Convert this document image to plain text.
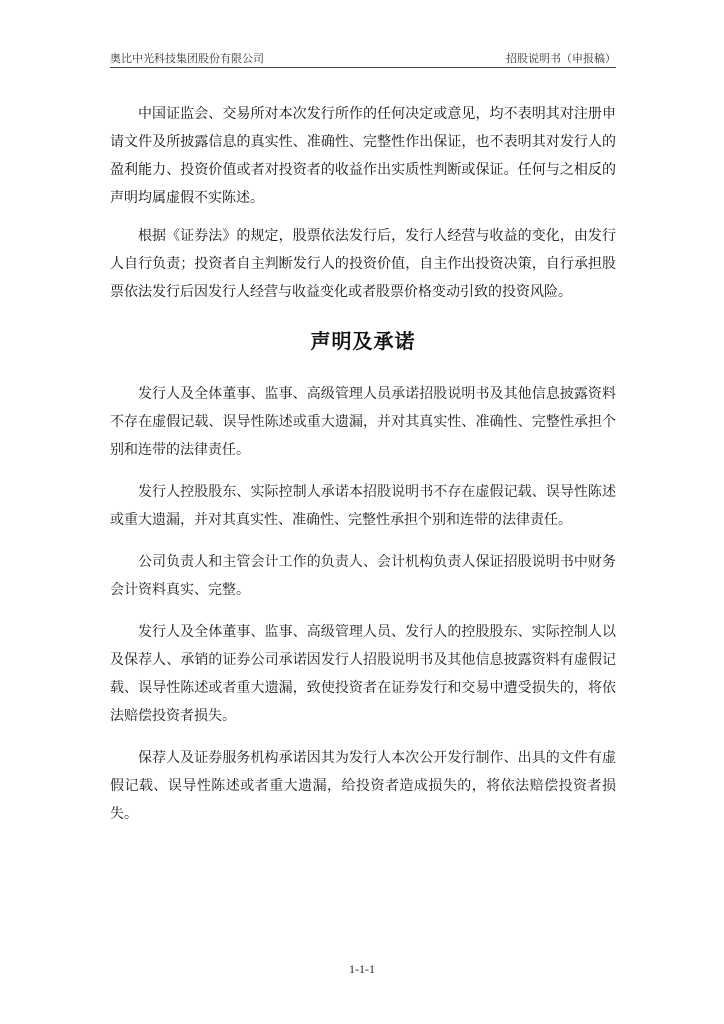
奥比中光科技集团股份有限公司	招股说明书（申报稿）

中国证监会、交易所对本次发行所作的任何决定或意见，均不表明其对注册申请文件及所披露信息的真实性、准确性、完整性作出保证，也不表明其对发行人的盈利能力、投资价值或者对投资者的收益作出实质性判断或保证。任何与之相反的声明均属虚假不实陈述。

根据《证券法》的规定，股票依法发行后，发行人经营与收益的变化，由发行人自行负责；投资者自主判断发行人的投资价值，自主作出投资决策，自行承担股票依法发行后因发行人经营与收益变化或者股票价格变动引致的投资风险。

声明及承诺

发行人及全体董事、监事、高级管理人员承诺招股说明书及其他信息披露资料不存在虚假记载、误导性陈述或重大遗漏，并对其真实性、准确性、完整性承担个别和连带的法律责任。

发行人控股股东、实际控制人承诺本招股说明书不存在虚假记载、误导性陈述或重大遗漏，并对其真实性、准确性、完整性承担个别和连带的法律责任。

公司负责人和主管会计工作的负责人、会计机构负责人保证招股说明书中财务会计资料真实、完整。

发行人及全体董事、监事、高级管理人员、发行人的控股股东、实际控制人以及保荐人、承销的证券公司承诺因发行人招股说明书及其他信息披露资料有虚假记载、误导性陈述或者重大遗漏，致使投资者在证券发行和交易中遭受损失的，将依法赔偿投资者损失。

保荐人及证券服务机构承诺因其为发行人本次公开发行制作、出具的文件有虚假记载、误导性陈述或者重大遗漏，给投资者造成损失的，将依法赔偿投资者损失。

1-1-1
